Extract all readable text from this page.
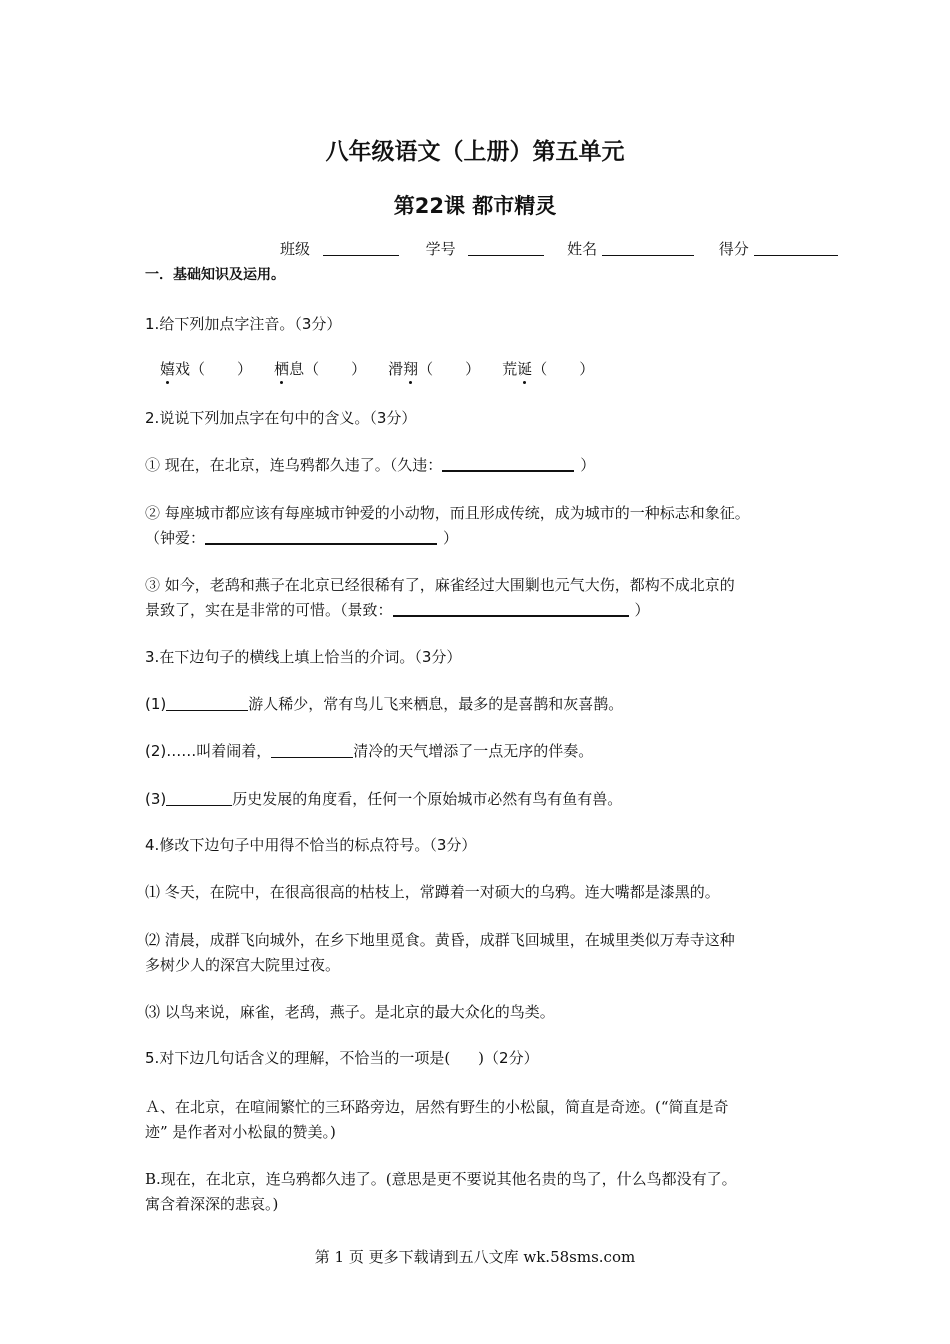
八年级语文（上册）第五单元
第22课 都市精灵
班级	学号	姓名	得分
一．基础知识及运用。
1.给下列加点字注音。（3分）
嬉戏（ ） 栖息（ ） 滑翔（ ） 荒诞（ ）
2.说说下列加点字在句中的含义。（3分）
① 现在，在北京，连乌鸦都久违了。（久违：	）
② 每座城市都应该有每座城市钟爱的小动物，而且形成传统，成为城市的一种标志和象征。
（钟爱：	）
③ 如今，老鸹和燕子在北京已经很稀有了，麻雀经过大围剿也元气大伤，都构不成北京的
景致了，实在是非常的可惜。（景致：	）
3.在下边句子的横线上填上恰当的介词。（3分）
(1)	游人稀少，常有鸟儿飞来栖息，最多的是喜鹊和灰喜鹊。
(2)……叫着闹着，	清冷的天气增添了一点无序的伴奏。
(3)	历史发展的角度看，任何一个原始城市必然有鸟有鱼有兽。
4.修改下边句子中用得不恰当的标点符号。（3分）
⑴ 冬天，在院中，在很高很高的枯枝上，常蹲着一对硕大的乌鸦。连大嘴都是漆黑的。
⑵ 清晨，成群飞向城外，在乡下地里觅食。黄昏，成群飞回城里，在城里类似万寿寺这种
多树少人的深宫大院里过夜。
⑶ 以鸟来说，麻雀，老鸹，燕子。是北京的最大众化的鸟类。
5.对下边几句话含义的理解，不恰当的一项是( )（2分）
Ａ、在北京，在喧闹繁忙的三环路旁边，居然有野生的小松鼠，简直是奇迹。(“简直是奇
迹” 是作者对小松鼠的赞美。)
B.现在，在北京，连乌鸦都久违了。(意思是更不要说其他名贵的鸟了，什么鸟都没有了。
寓含着深深的悲哀。)
第 1 页 更多下载请到五八文库 wk.58sms.com
